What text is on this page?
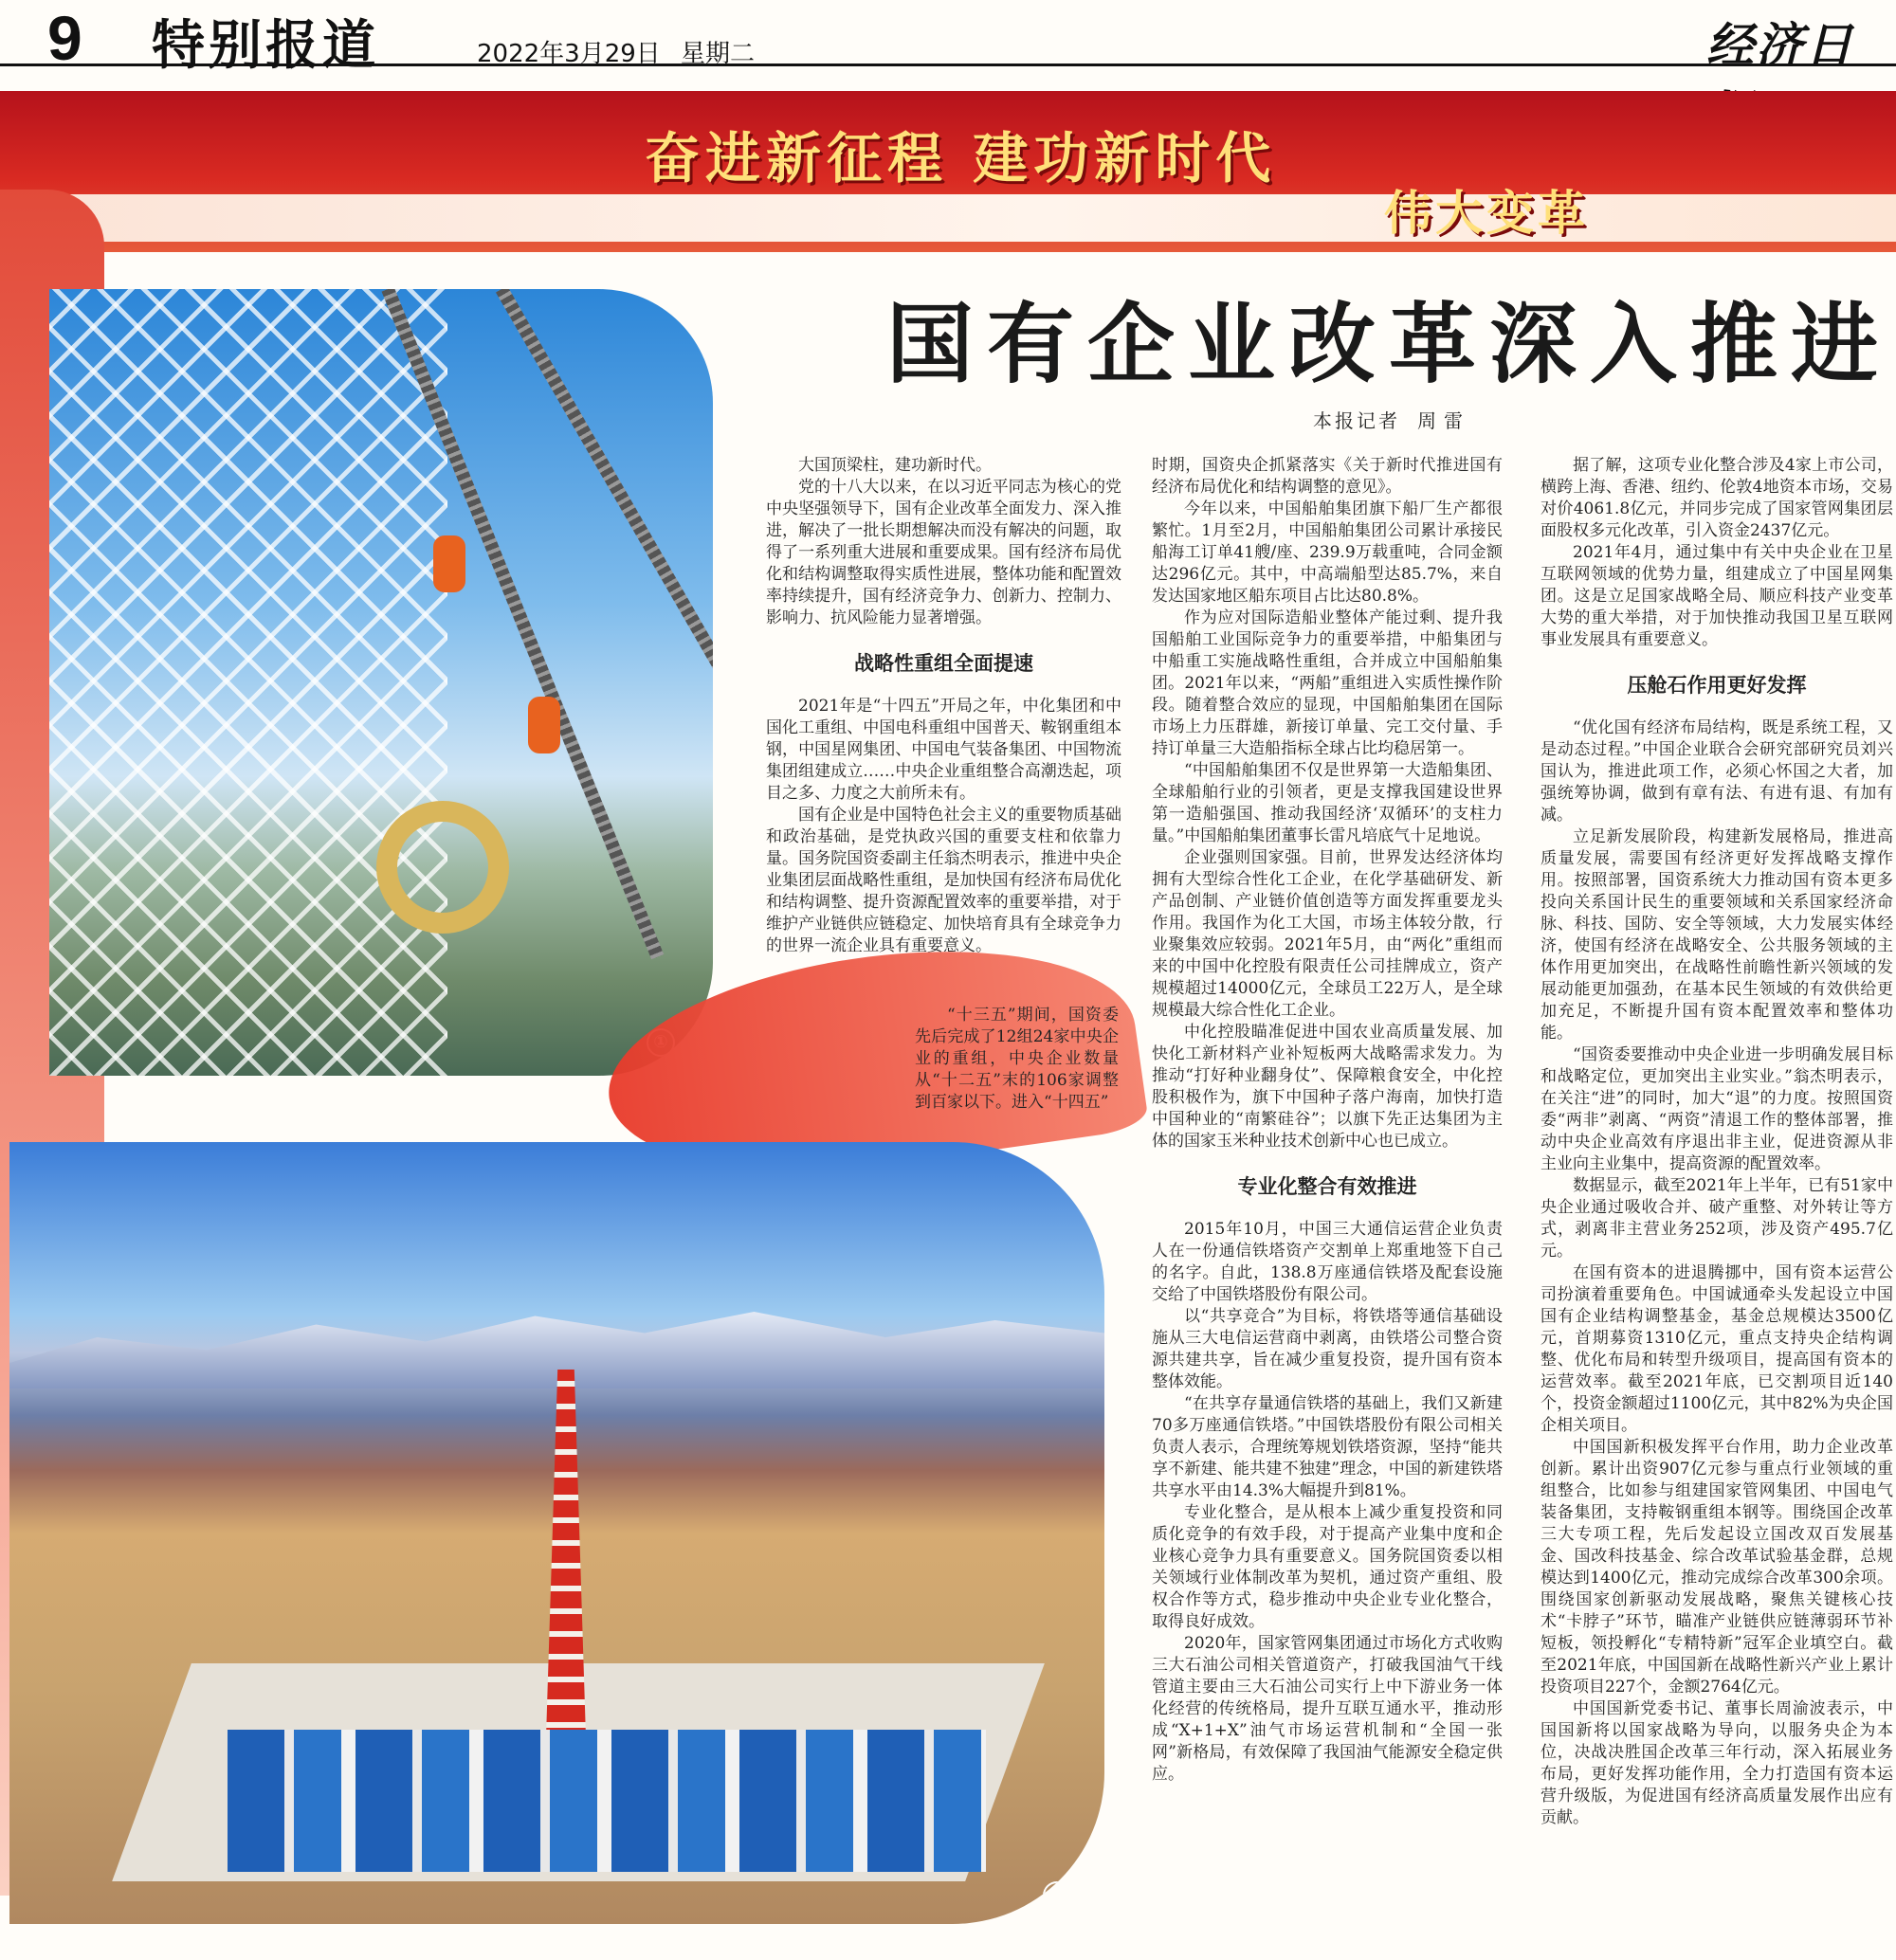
9 特别报道	2022年3月29日 星期二	经济日
奋进新征程 建功新时代
伟大变革
②
国有企业改革深入推进
本报记者 周雷

大国顶梁柱，建功新时代。

党的十八大以来，在以习近平同志为核心的党中央坚强领导下，国有企业改革全面发力、深入推进，解决了一批长期想解决而没有解决的问题，取得了一系列重大进展和重要成果。国有经济布局优化和结构调整取得实质性进展，整体功能和配置效率持续提升，国有经济竞争力、创新力、控制力、影响力、抗风险能力显著增强。

战略性重组全面提速

2021年是“十四五”开局之年，中化集团和中国化工重组、中国电科重组中国普天、鞍钢重组本钢，中国星网集团、中国电气装备集团、中国物流集团组建成立……中央企业重组整合高潮迭起，项目之多、力度之大前所未有。

国有企业是中国特色社会主义的重要物质基础和政治基础，是党执政兴国的重要支柱和依靠力量。国务院国资委副主任翁杰明表示，推进中央企业集团层面战略性重组，是加快国有经济布局优化和结构调整、提升资源配置效率的重要举措，对于维护产业链供应链稳定、加快培育具有全球竞争力的世界一流企业具有重要意义。

“十三五”期间，国资委先后完成了12组24家中央企业的重组，中央企业数量从“十二五”末的106家调整到百家以下。进入“十四五”

时期，国资央企抓紧落实《关于新时代推进国有经济布局优化和结构调整的意见》。

今年以来，中国船舶集团旗下船厂生产都很繁忙。1月至2月，中国船舶集团公司累计承接民船海工订单41艘/座、239.9万载重吨，合同金额达296亿元。其中，中高端船型达85.7%，来自发达国家地区船东项目占比达80.8%。

作为应对国际造船业整体产能过剩、提升我国船舶工业国际竞争力的重要举措，中船集团与中船重工实施战略性重组，合并成立中国船舶集团。2021年以来，“两船”重组进入实质性操作阶段。随着整合效应的显现，中国船舶集团在国际市场上力压群雄，新接订单量、完工交付量、手持订单量三大造船指标全球占比均稳居第一。

“中国船舶集团不仅是世界第一大造船集团、全球船舶行业的引领者，更是支撑我国建设世界第一造船强国、推动我国经济‘双循环’的支柱力量。”中国船舶集团董事长雷凡培底气十足地说。

企业强则国家强。目前，世界发达经济体均拥有大型综合性化工企业，在化学基础研发、新产品创制、产业链价值创造等方面发挥重要龙头作用。我国作为化工大国，市场主体较分散，行业聚集效应较弱。2021年5月，由“两化”重组而来的中国中化控股有限责任公司挂牌成立，资产规模超过14000亿元，全球员工22万人，是全球规模最大综合性化工企业。

中化控股瞄准促进中国农业高质量发展、加快化工新材料产业补短板两大战略需求发力。为推动“打好种业翻身仗”、保障粮食安全，中化控股积极作为，旗下中国种子落户海南，加快打造中国种业的“南繁硅谷”；以旗下先正达集团为主体的国家玉米种业技术创新中心也已成立。

专业化整合有效推进

2015年10月，中国三大通信运营企业负责人在一份通信铁塔资产交割单上郑重地签下自己的名字。自此，138.8万座通信铁塔及配套设施交给了中国铁塔股份有限公司。

以“共享竞合”为目标，将铁塔等通信基础设施从三大电信运营商中剥离，由铁塔公司整合资源共建共享，旨在减少重复投资，提升国有资本整体效能。

“在共享存量通信铁塔的基础上，我们又新建70多万座通信铁塔。”中国铁塔股份有限公司相关负责人表示，合理统筹规划铁塔资源，坚持“能共享不新建、能共建不独建”理念，中国的新建铁塔共享水平由14.3%大幅提升到81%。

专业化整合，是从根本上减少重复投资和同质化竞争的有效手段，对于提高产业集中度和企业核心竞争力具有重要意义。国务院国资委以相关领域行业体制改革为契机，通过资产重组、股权合作等方式，稳步推动中央企业专业化整合，取得良好成效。

2020年，国家管网集团通过市场化方式收购三大石油公司相关管道资产，打破我国油气干线管道主要由三大石油公司实行上中下游业务一体化经营的传统格局，提升互联互通水平，推动形成“X+1+X”油气市场运营机制和“全国一张网”新格局，有效保障了我国油气能源安全稳定供应。

据了解，这项专业化整合涉及4家上市公司，横跨上海、香港、纽约、伦敦4地资本市场，交易对价4061.8亿元，并同步完成了国家管网集团层面股权多元化改革，引入资金2437亿元。

2021年4月，通过集中有关中央企业在卫星互联网领域的优势力量，组建成立了中国星网集团。这是立足国家战略全局、顺应科技产业变革大势的重大举措，对于加快推动我国卫星互联网事业发展具有重要意义。

压舱石作用更好发挥

“优化国有经济布局结构，既是系统工程，又是动态过程。”中国企业联合会研究部研究员刘兴国认为，推进此项工作，必须心怀国之大者，加强统筹协调，做到有章有法、有进有退、有加有减。

立足新发展阶段，构建新发展格局，推进高质量发展，需要国有经济更好发挥战略支撑作用。按照部署，国资系统大力推动国有资本更多投向关系国计民生的重要领域和关系国家经济命脉、科技、国防、安全等领域，大力发展实体经济，使国有经济在战略安全、公共服务领域的主体作用更加突出，在战略性前瞻性新兴领域的发展动能更加强劲，在基本民生领域的有效供给更加充足，不断提升国有资本配置效率和整体功能。

“国资委要推动中央企业进一步明确发展目标和战略定位，更加突出主业实业。”翁杰明表示，在关注“进”的同时，加大“退”的力度。按照国资委“两非”剥离、“两资”清退工作的整体部署，推动中央企业高效有序退出非主业，促进资源从非主业向主业集中，提高资源的配置效率。

数据显示，截至2021年上半年，已有51家中央企业通过吸收合并、破产重整、对外转让等方式，剥离非主营业务252项，涉及资产495.7亿元。

在国有资本的进退腾挪中，国有资本运营公司扮演着重要角色。中国诚通牵头发起设立中国国有企业结构调整基金，基金总规模达3500亿元，首期募资1310亿元，重点支持央企结构调整、优化布局和转型升级项目，提高国有资本的运营效率。截至2021年底，已交割项目近140个，投资金额超过1100亿元，其中82%为央企国企相关项目。

中国国新积极发挥平台作用，助力企业改革创新。累计出资907亿元参与重点行业领域的重组整合，比如参与组建国家管网集团、中国电气装备集团，支持鞍钢重组本钢等。围绕国企改革三大专项工程，先后发起设立国改双百发展基金、国改科技基金、综合改革试验基金群，总规模达到1400亿元，推动完成综合改革300余项。围绕国家创新驱动发展战略，聚焦关键核心技术“卡脖子”环节，瞄准产业链供应链薄弱环节补短板，领投孵化“专精特新”冠军企业填空白。截至2021年底，中国国新在战略性新兴产业上累计投资项目227个，金额2764亿元。

中国国新党委书记、董事长周渝波表示，中国国新将以国家战略为导向，以服务央企为本位，决战决胜国企改革三年行动，深入拓展业务布局，更好发挥功能作用，全力打造国有资本运营升级版，为促进国有经济高质量发展作出应有贡献。
